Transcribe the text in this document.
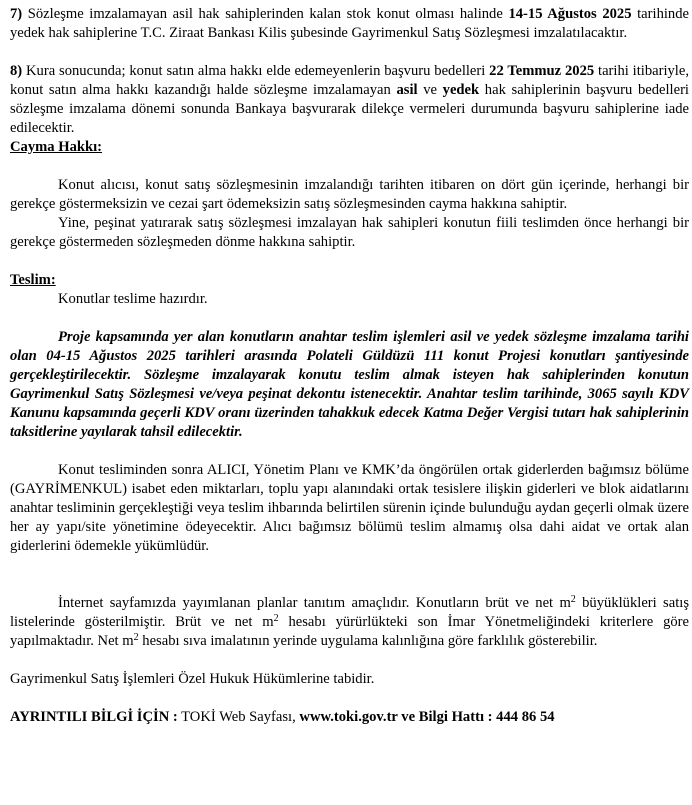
7) Sözleşme imzalamayan asil hak sahiplerinden kalan stok konut olması halinde 14-15 Ağustos 2025 tarihinde yedek hak sahiplerine T.C. Ziraat Bankası Kilis şubesinde Gayrimenkul Satış Sözleşmesi imzalatılacaktır.

8) Kura sonucunda; konut satın alma hakkı elde edemeyenlerin başvuru bedelleri 22 Temmuz 2025 tarihi itibariyle, konut satın alma hakkı kazandığı halde sözleşme imzalamayan asil ve yedek hak sahiplerinin başvuru bedelleri sözleşme imzalama dönemi sonunda Bankaya başvurarak dilekçe vermeleri durumunda başvuru sahiplerine iade edilecektir.

Cayma Hakkı:

Konut alıcısı, konut satış sözleşmesinin imzalandığı tarihten itibaren on dört gün içerinde, herhangi bir gerekçe göstermeksizin ve cezai şart ödemeksizin satış sözleşmesinden cayma hakkına sahiptir.

Yine, peşinat yatırarak satış sözleşmesi imzalayan hak sahipleri konutun fiili teslimden önce herhangi bir gerekçe göstermeden sözleşmeden dönme hakkına sahiptir.

Teslim:

Konutlar teslime hazırdır.

Proje kapsamında yer alan konutların anahtar teslim işlemleri asil ve yedek sözleşme imzalama tarihi olan 04-15 Ağustos 2025 tarihleri arasında Polateli Güldüzü 111 konut Projesi konutları şantiyesinde gerçekleştirilecektir. Sözleşme imzalayarak konutu teslim almak isteyen hak sahiplerinden konutun Gayrimenkul Satış Sözleşmesi ve/veya peşinat dekontu istenecektir. Anahtar teslim tarihinde, 3065 sayılı KDV Kanunu kapsamında geçerli KDV oranı üzerinden tahakkuk edecek Katma Değer Vergisi tutarı hak sahiplerinin taksitlerine yayılarak tahsil edilecektir.

Konut tesliminden sonra ALICI, Yönetim Planı ve KMK’da öngörülen ortak giderlerden bağımsız bölüme (GAYRİMENKUL) isabet eden miktarları, toplu yapı alanındaki ortak tesislere ilişkin giderleri ve blok aidatlarını anahtar tesliminin gerçekleştiği veya teslim ihbarında belirtilen sürenin içinde bulunduğu aydan geçerli olmak üzere her ay yapı/site yönetimine ödeyecektir. Alıcı bağımsız bölümü teslim almamış olsa dahi aidat ve ortak alan giderlerini ödemekle yükümlüdür.

İnternet sayfamızda yayımlanan planlar tanıtım amaçlıdır. Konutların brüt ve net $m^2$ büyüklükleri satış listelerinde gösterilmiştir. Brüt ve net $m^2$ hesabı yürürlükteki son İmar Yönetmeliğindeki kriterlere göre yapılmaktadır. Net $m^2$ hesabı sıva imalatının yerinde uygulama kalınlığına göre farklılık gösterebilir.

Gayrimenkul Satış İşlemleri Özel Hukuk Hükümlerine tabidir.

AYRINTILI BİLGİ İÇİN : TOKİ Web Sayfası, www.toki.gov.tr ve Bilgi Hattı : 444 86 54
